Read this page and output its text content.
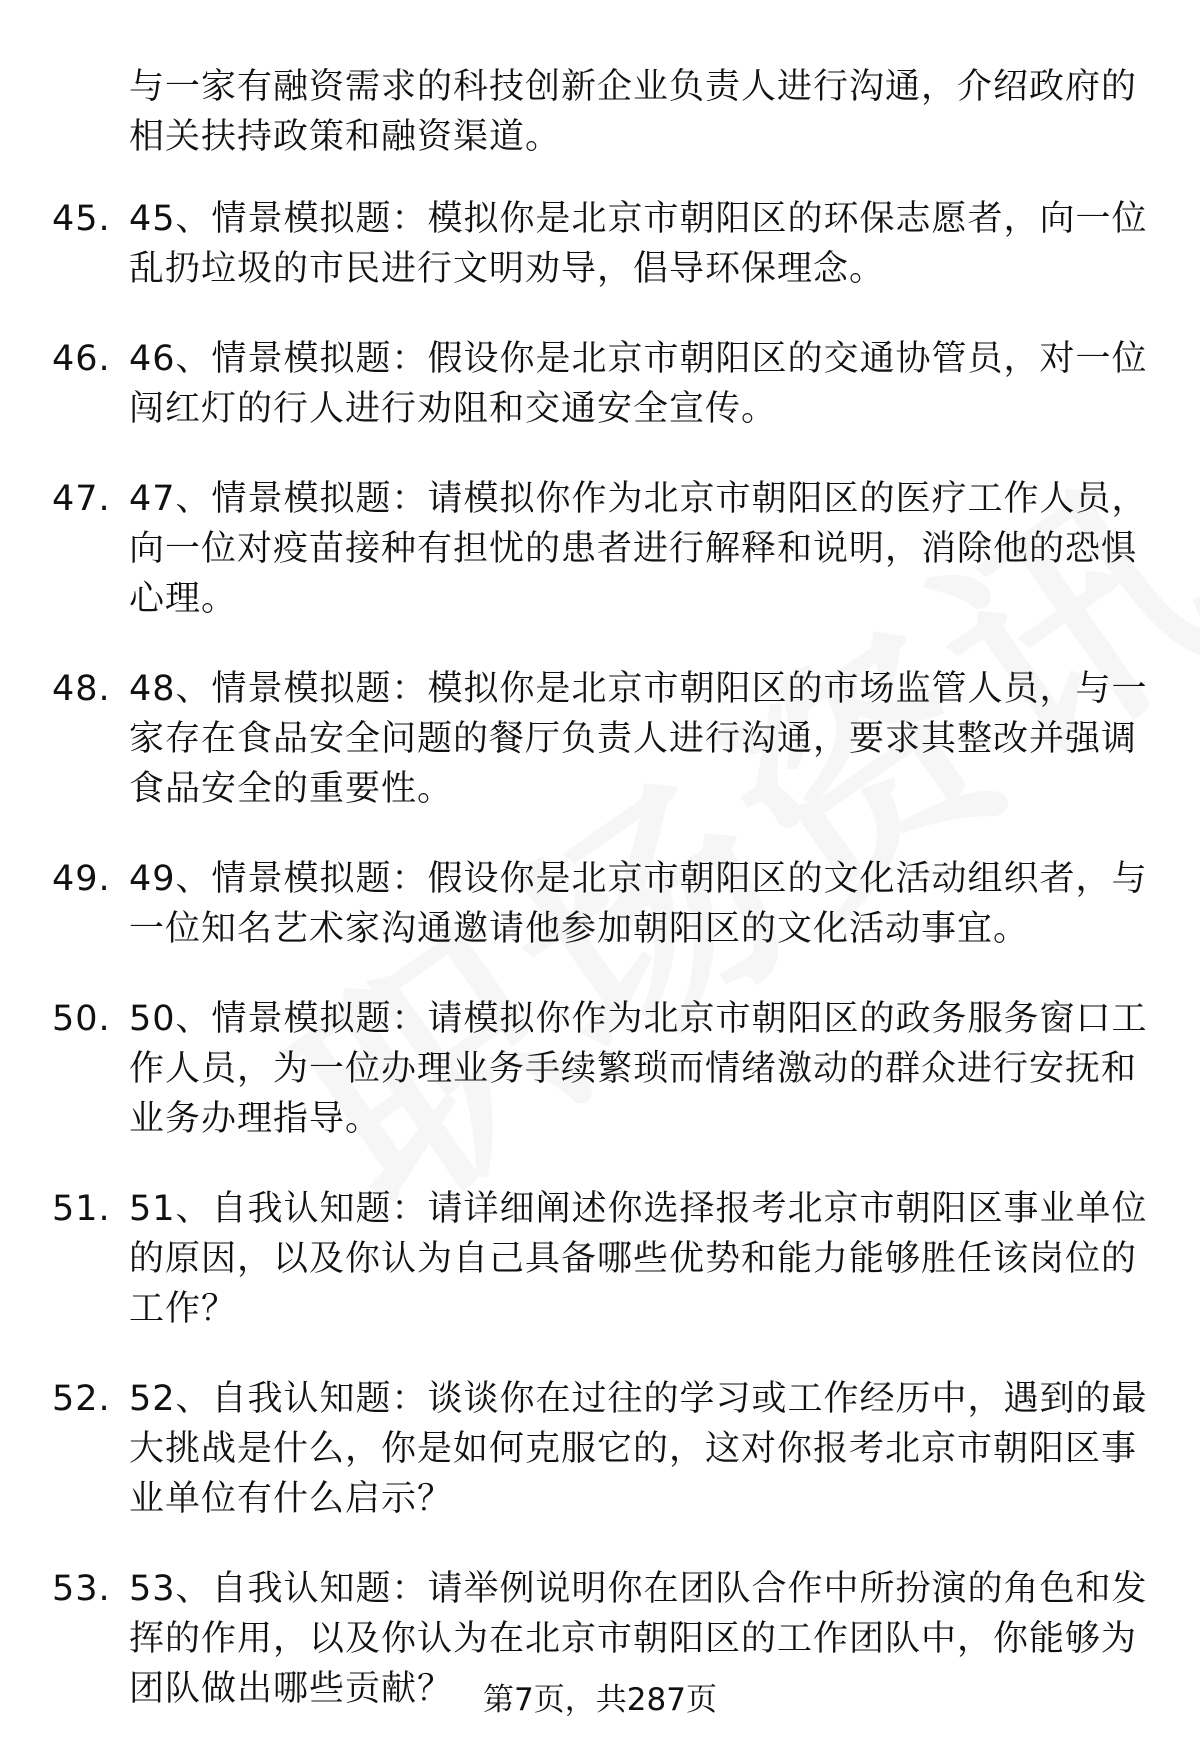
与一家有融资需求的科技创新企业负责人进行沟通，介绍政府的相关扶持政策和融资渠道。
45. 45、情景模拟题：模拟你是北京市朝阳区的环保志愿者，向一位乱扔垃圾的市民进行文明劝导，倡导环保理念。
46. 46、情景模拟题：假设你是北京市朝阳区的交通协管员，对一位闯红灯的行人进行劝阻和交通安全宣传。
47. 47、情景模拟题：请模拟你作为北京市朝阳区的医疗工作人员，向一位对疫苗接种有担忧的患者进行解释和说明，消除他的恐惧心理。
48. 48、情景模拟题：模拟你是北京市朝阳区的市场监管人员，与一家存在食品安全问题的餐厅负责人进行沟通，要求其整改并强调食品安全的重要性。
49. 49、情景模拟题：假设你是北京市朝阳区的文化活动组织者，与一位知名艺术家沟通邀请他参加朝阳区的文化活动事宜。
50. 50、情景模拟题：请模拟你作为北京市朝阳区的政务服务窗口工作人员，为一位办理业务手续繁琐而情绪激动的群众进行安抚和业务办理指导。
51. 51、自我认知题：请详细阐述你选择报考北京市朝阳区事业单位的原因，以及你认为自己具备哪些优势和能力能够胜任该岗位的工作？
52. 52、自我认知题：谈谈你在过往的学习或工作经历中，遇到的最大挑战是什么，你是如何克服它的，这对你报考北京市朝阳区事业单位有什么启示？
53. 53、自我认知题：请举例说明你在团队合作中所扮演的角色和发挥的作用，以及你认为在北京市朝阳区的工作团队中，你能够为团队做出哪些贡献？ 第7页，共287页
